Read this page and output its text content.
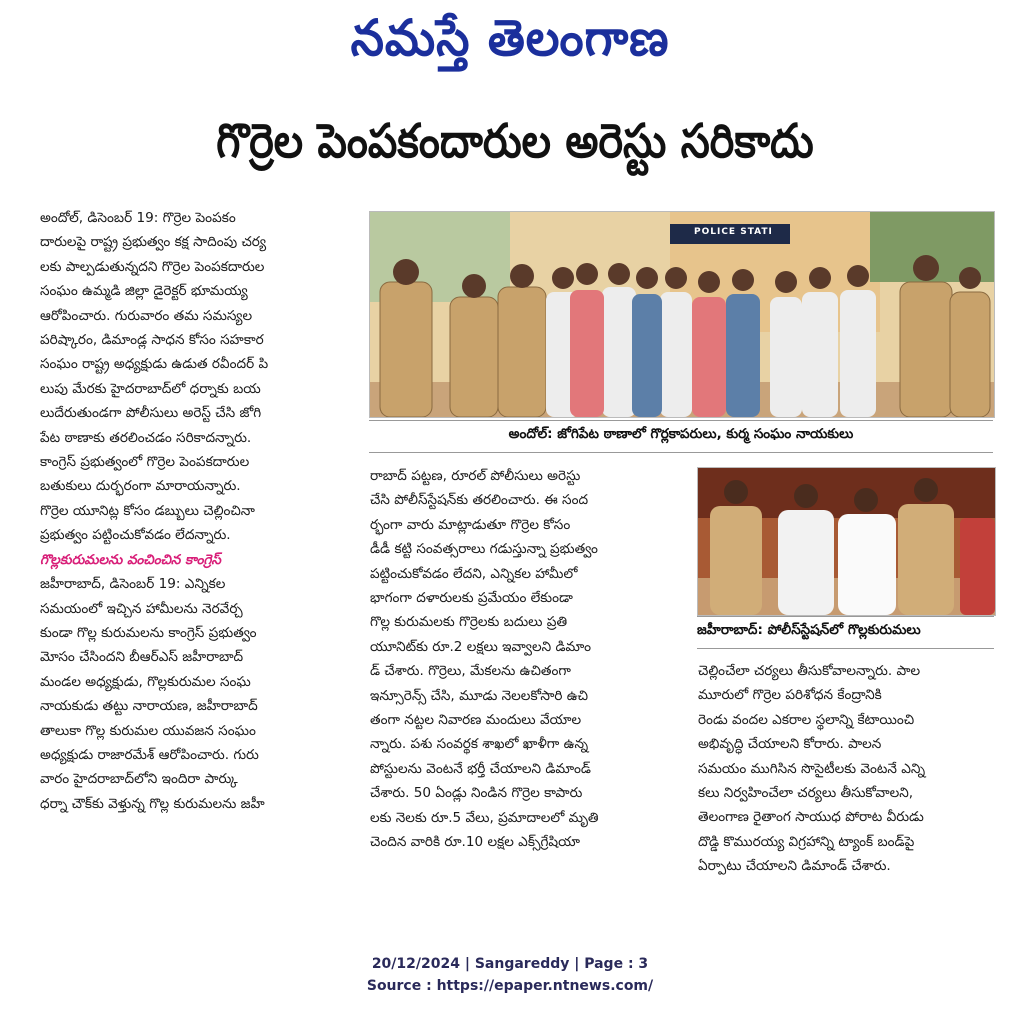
నమస్తే తెలంగాణ
గొర్రెల పెంపకందారుల అరెస్టు సరికాదు
అందోల్, డిసెంబర్ 19: గొర్రెల పెంపకం
దారులపై రాష్ట్ర ప్రభుత్వం కక్ష సాదింపు చర్య
లకు పాల్పడుతున్నదని గొర్రెల పెంపకదారుల
సంఘం ఉమ్మడి జిల్లా డైరెక్టర్ భూమయ్య
ఆరోపించారు. గురువారం తమ సమస్యల
పరిష్కారం, డిమాండ్ల సాధన కోసం సహకార
సంఘం రాష్ట్ర అధ్యక్షుడు ఉడుత రవీందర్ పి
లుపు మేరకు హైదరాబాద్‌లో ధర్నాకు బయ
లుదేరుతుండగా పోలీసులు అరెస్ట్ చేసి జోగి
పేట ఠాణాకు తరలించడం సరికాదన్నారు.
కాంగ్రెస్ ప్రభుత్వంలో గొర్రెల పెంపకదారుల
బతుకులు దుర్భరంగా మారాయన్నారు.
గొర్రెల యూనిట్ల కోసం డబ్బులు చెల్లించినా
ప్రభుత్వం పట్టించుకోవడం లేదన్నారు.
గొల్లకురుమలను వంచించిన కాంగ్రెస్
జహీరాబాద్, డిసెంబర్ 19: ఎన్నికల
సమయంలో ఇచ్చిన హామీలను నెరవేర్చ
కుండా గొల్ల కురుమలను కాంగ్రెస్ ప్రభుత్వం
మోసం చేసిందని బీఆర్ఎస్ జహీరాబాద్
మండల అధ్యక్షుడు, గొల్లకురుమల సంఘ
నాయకుడు తట్టు నారాయణ, జహీరాబాద్
తాలుకా గొల్ల కురుమల యువజన సంఘం
అధ్యక్షుడు రాజారమేశ్ ఆరోపించారు. గురు
వారం హైదరాబాద్‌లోని ఇందిరా పార్కు
ధర్నా చౌక్‌కు వెళ్తున్న గొల్ల కురుమలను జహీ
POLICE STATI
అందోల్: జోగిపేట ఠాణాలో గొర్లకాపరులు, కుర్మ సంఘం నాయకులు
రాబాద్ పట్టణ, రూరల్ పోలీసులు అరెస్టు
చేసి పోలీస్‌స్టేషన్‌కు తరలించారు. ఈ సంద
ర్భంగా వారు మాట్లాడుతూ గొర్రెల కోసం
డీడీ కట్టి సంవత్సరాలు గడుస్తున్నా ప్రభుత్వం
పట్టించుకోవడం లేదని, ఎన్నికల హామీలో
భాగంగా దళారులకు ప్రమేయం లేకుండా
గొల్ల కురుమలకు గొర్రెలకు బదులు ప్రతి
యూనిట్‌కు రూ.2 లక్షలు ఇవ్వాలని డిమాం
డ్ చేశారు. గొర్రెలు, మేకలను ఉచితంగా
ఇన్సూరెన్స్ చేసి, మూడు నెలలకోసారి ఉచి
తంగా నట్టల నివారణ మందులు వేయాల
న్నారు. పశు సంవర్థక శాఖలో ఖాళీగా ఉన్న
పోస్టులను వెంటనే భర్తీ చేయాలని డిమాండ్
చేశారు. 50 ఏండ్లు నిండిన గొర్రెల కాపారు
లకు నెలకు రూ.5 వేలు, ప్రమాదాలలో మృతి
చెందిన వారికి రూ.10 లక్షల ఎక్స్‌గ్రేషియా
జహీరాబాద్: పోలీస్‌స్టేషన్‌లో గొల్లకురుమలు
చెల్లించేలా చర్యలు తీసుకోవాలన్నారు. పాల
మూరులో గొర్రెల పరిశోధన కేంద్రానికి
రెండు వందల ఎకరాల స్థలాన్ని కేటాయించి
అభివృద్ధి చేయాలని కోరారు. పాలన
సమయం ముగిసిన సొసైటీలకు వెంటనే ఎన్ని
కలు నిర్వహించేలా చర్యలు తీసుకోవాలని,
తెలంగాణ రైతాంగ సాయుధ పోరాట వీరుడు
దొడ్డి కొమురయ్య విగ్రహాన్ని ట్యాంక్ బండ్‌పై
ఏర్పాటు చేయాలని డిమాండ్ చేశారు.
20/12/2024 | Sangareddy | Page : 3
Source : https://epaper.ntnews.com/
